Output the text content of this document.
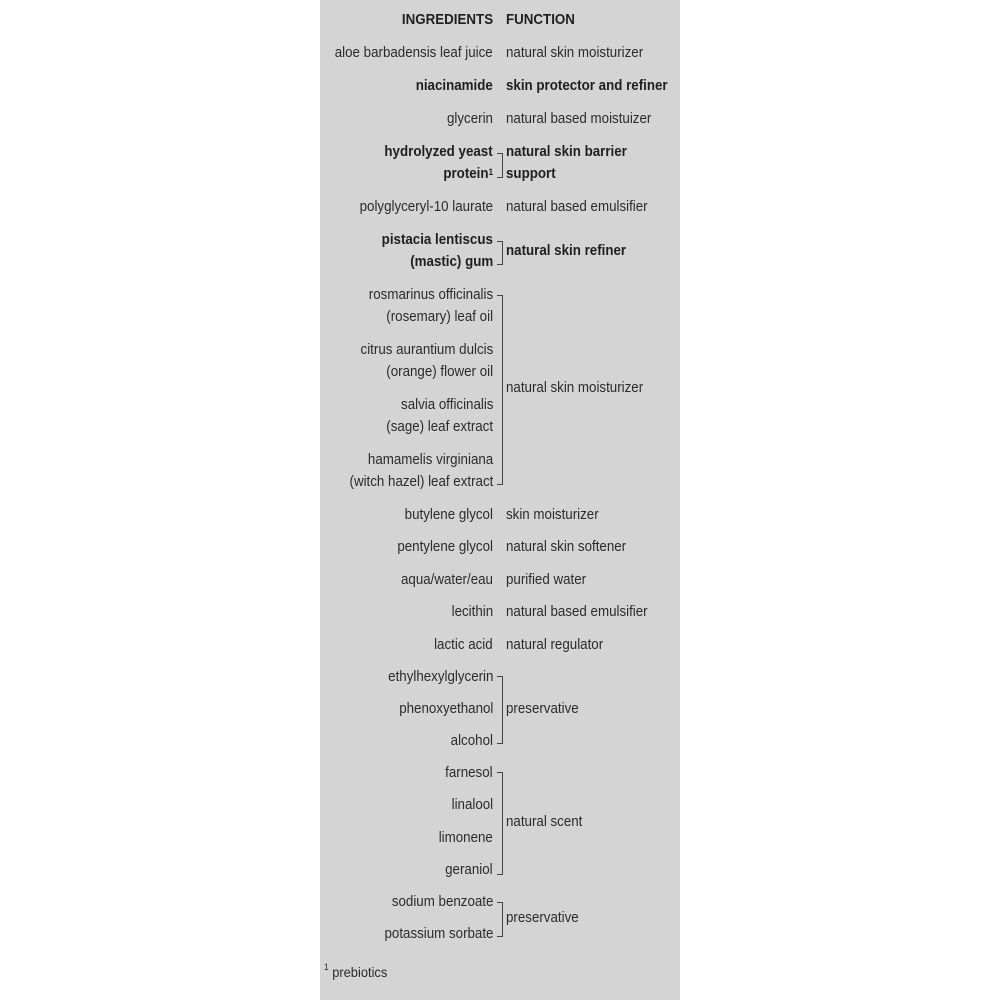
INGREDIENTS FUNCTION
aloe barbadensis leaf juice natural skin moisturizer
niacinamide skin protector and refiner
glycerin natural based moistuizer
hydrolyzed yeast
protein$^1$
natural skin barrier
support
polyglyceryl-10 laurate natural based emulsifier
pistacia lentiscus
(mastic) gum
natural skin refiner
rosmarinus officinalis
(rosemary) leaf oil
citrus aurantium dulcis
(orange) flower oil
salvia officinalis
(sage) leaf extract
hamamelis virginiana
(witch hazel) leaf extract
natural skin moisturizer
butylene glycol skin moisturizer
pentylene glycol natural skin softener
aqua/water/eau purified water
lecithin natural based emulsifier
lactic acid natural regulator
ethylhexylglycerin
phenoxyethanol
alcohol
preservative
farnesol
linalool
limonene
geraniol
natural scent
sodium benzoate
potassium sorbate
preservative
$^1$ prebiotics
